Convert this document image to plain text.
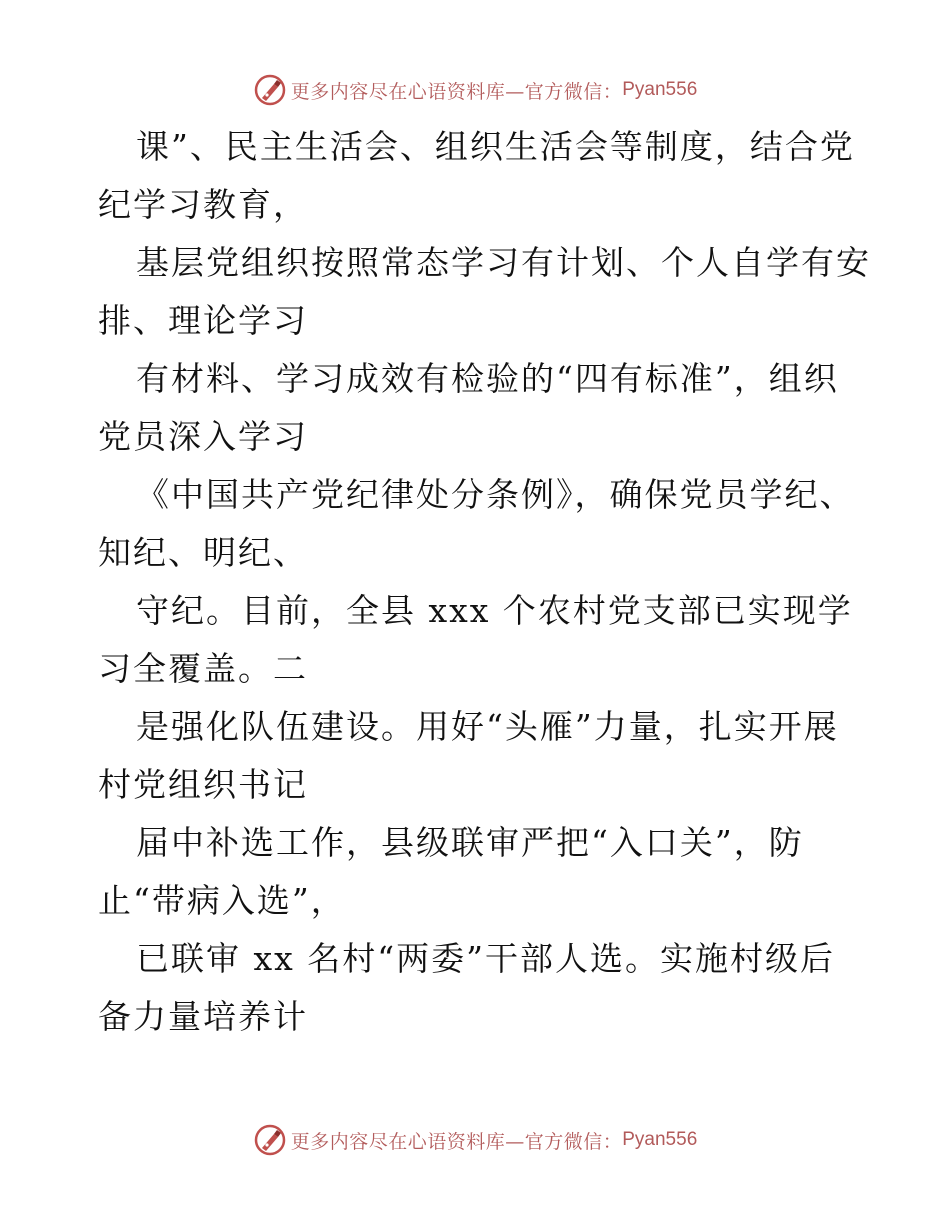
更多内容尽在心语资料库—官方微信： Pyan556
课”、民主生活会、组织生活会等制度，结合党
纪学习教育，
基层党组织按照常态学习有计划、个人自学有安
排、理论学习
有材料、学习成效有检验的“四有标准”，组织
党员深入学习
《中国共产党纪律处分条例》，确保党员学纪、
知纪、明纪、
守纪。目前，全县 xxx 个农村党支部已实现学
习全覆盖。二
是强化队伍建设。用好“头雁”力量，扎实开展
村党组织书记
届中补选工作，县级联审严把“入口关”，防
止“带病入选”，
已联审 xx 名村“两委”干部人选。实施村级后
备力量培养计
更多内容尽在心语资料库—官方微信： Pyan556
